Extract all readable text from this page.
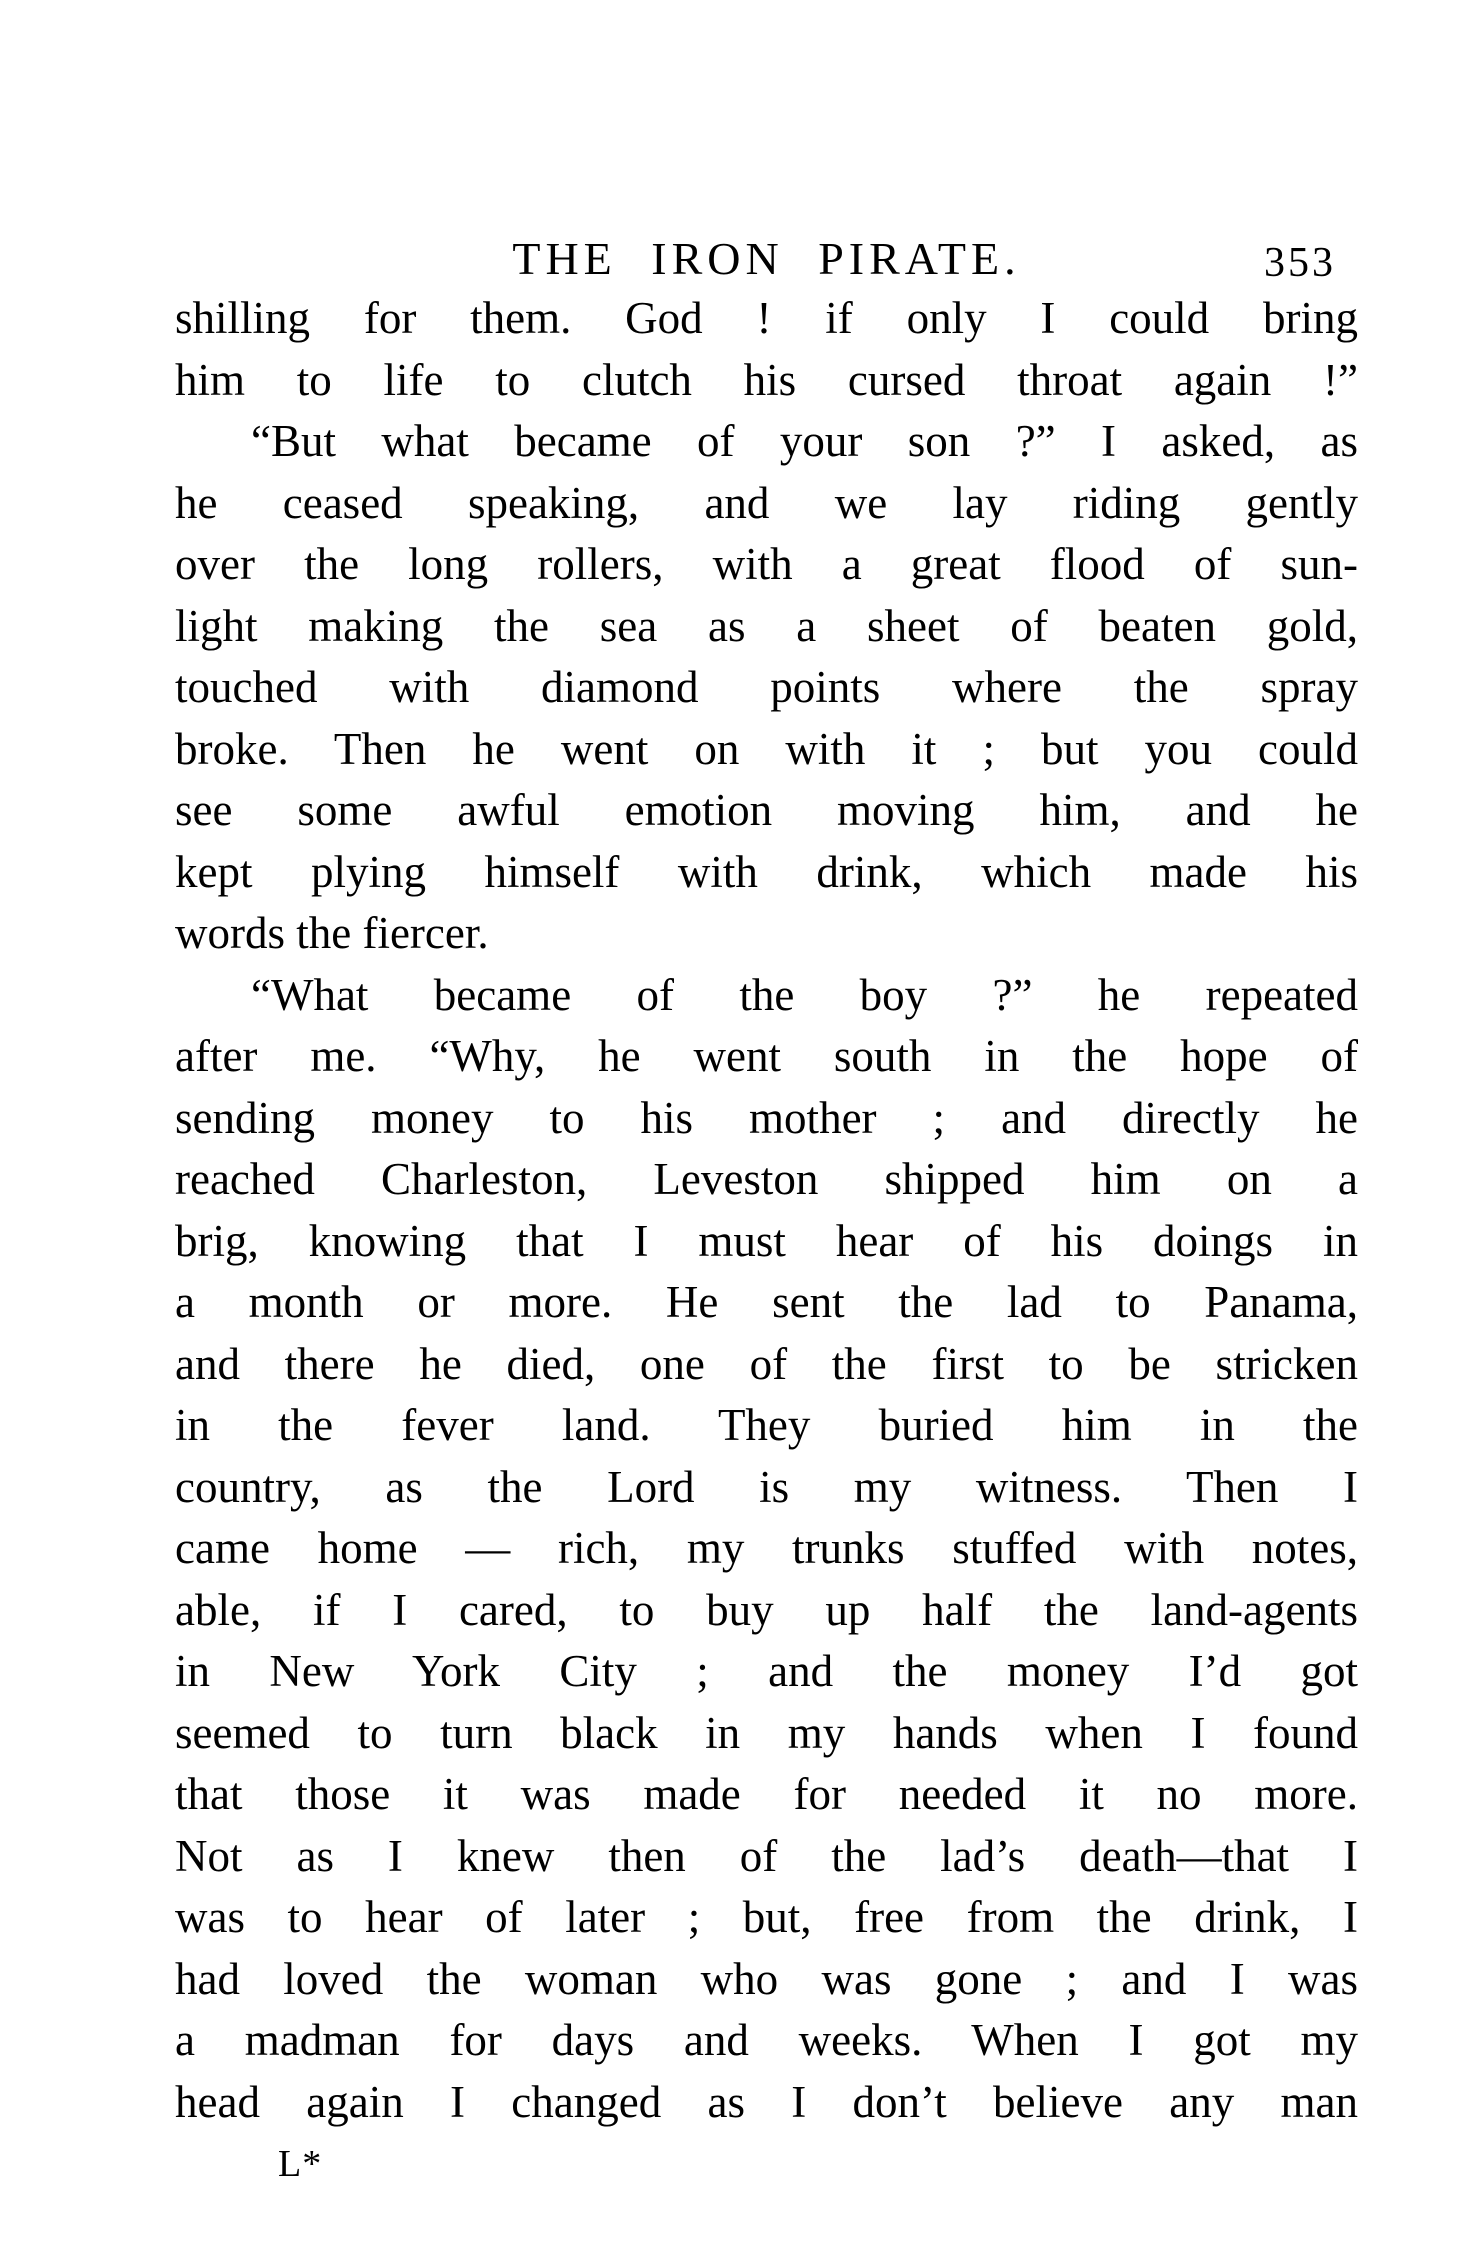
THE IRON PIRATE.	353
shilling for them. God ! if only I could bring
him to life to clutch his cursed throat again !”
“But what became of your son ?” I asked, as
he ceased speaking, and we lay riding gently
over the long rollers, with a great flood of sun-
light making the sea as a sheet of beaten gold,
touched with diamond points where the spray
broke. Then he went on with it ; but you could
see some awful emotion moving him, and he
kept plying himself with drink, which made his
words the fiercer.
“What became of the boy ?” he repeated
after me. “Why, he went south in the hope of
sending money to his mother ; and directly he
reached Charleston, Leveston shipped him on a
brig, knowing that I must hear of his doings in
a month or more. He sent the lad to Panama,
and there he died, one of the first to be stricken
in the fever land. They buried him in the
country, as the Lord is my witness. Then I
came home — rich, my trunks stuffed with notes,
able, if I cared, to buy up half the land-agents
in New York City ; and the money I’d got
seemed to turn black in my hands when I found
that those it was made for needed it no more.
Not as I knew then of the lad’s death—that I
was to hear of later ; but, free from the drink, I
had loved the woman who was gone ; and I was
a madman for days and weeks. When I got my
head again I changed as I don’t believe any man
L*
